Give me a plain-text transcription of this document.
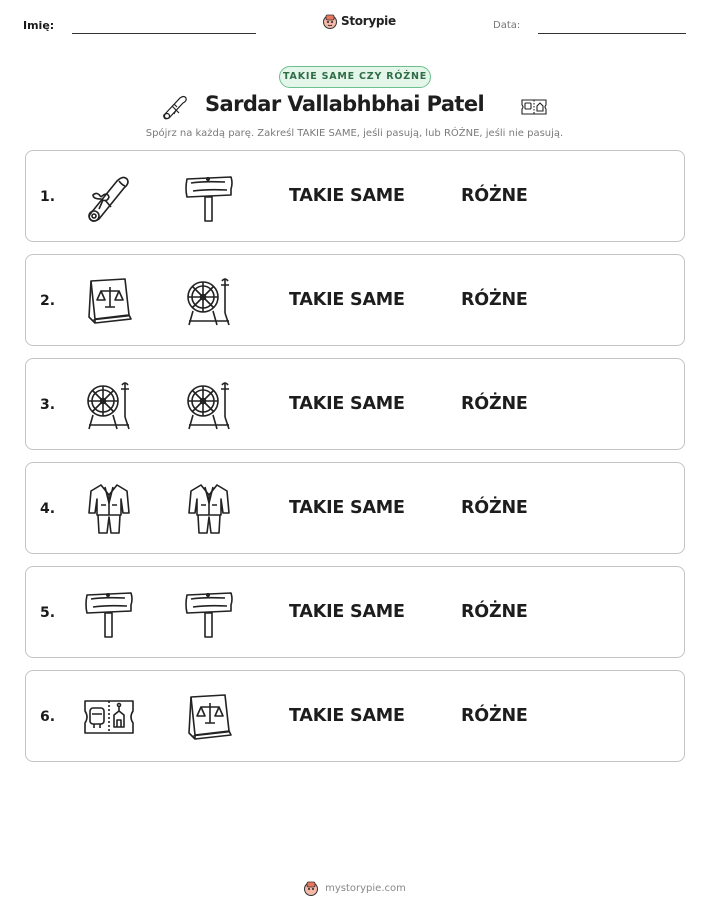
Imię:	Storypie	Data:
TAKIE SAME CZY RÓŻNE
Sardar Vallabhbhai Patel
Spójrz na każdą parę. Zakreśl TAKIE SAME, jeśli pasują, lub RÓŻNE, jeśli nie pasują.
1.	TAKIE SAME	RÓŻNE
2.	TAKIE SAME	RÓŻNE
3.	TAKIE SAME	RÓŻNE
4.	TAKIE SAME	RÓŻNE
5.	TAKIE SAME	RÓŻNE
6.	TAKIE SAME	RÓŻNE
mystorypie.com
